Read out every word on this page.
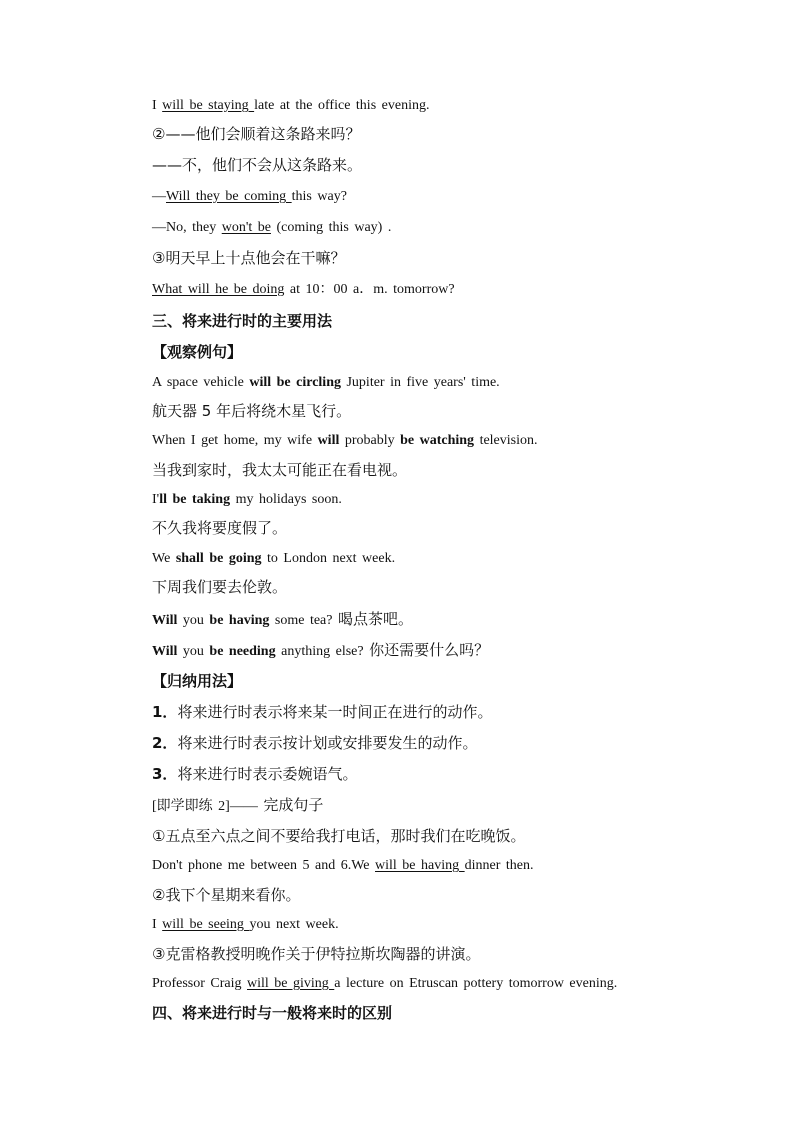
I will be staying late at the office this evening.
②——他们会顺着这条路来吗？
——不，他们不会从这条路来。
—Will they be coming this way?
—No, they won't be (coming this way) .
③明天早上十点他会在干嘛？
What will he be doing at 10：00 a．m. tomorrow?
三、将来进行时的主要用法
【观察例句】
A space vehicle will be circling Jupiter in five years' time.
航天器 5 年后将绕木星飞行。
When I get home, my wife will probably be watching television.
当我到家时，我太太可能正在看电视。
I'll be taking my holidays soon.
不久我将要度假了。
We shall be going to London next week.
下周我们要去伦敦。
Will you be having some tea? 喝点茶吧。
Will you be needing anything else? 你还需要什么吗？
【归纳用法】
1．将来进行时表示将来某一时间正在进行的动作。
2．将来进行时表示按计划或安排要发生的动作。
3．将来进行时表示委婉语气。
[即学即练 2]—— 完成句子
①五点至六点之间不要给我打电话，那时我们在吃晚饭。
Don't phone me between 5 and 6.We will be having dinner then.
②我下个星期来看你。
I will be seeing you next week.
③克雷格教授明晚作关于伊特拉斯坎陶器的讲演。
Professor Craig will be giving a lecture on Etruscan pottery tomorrow evening.
四、将来进行时与一般将来时的区别
